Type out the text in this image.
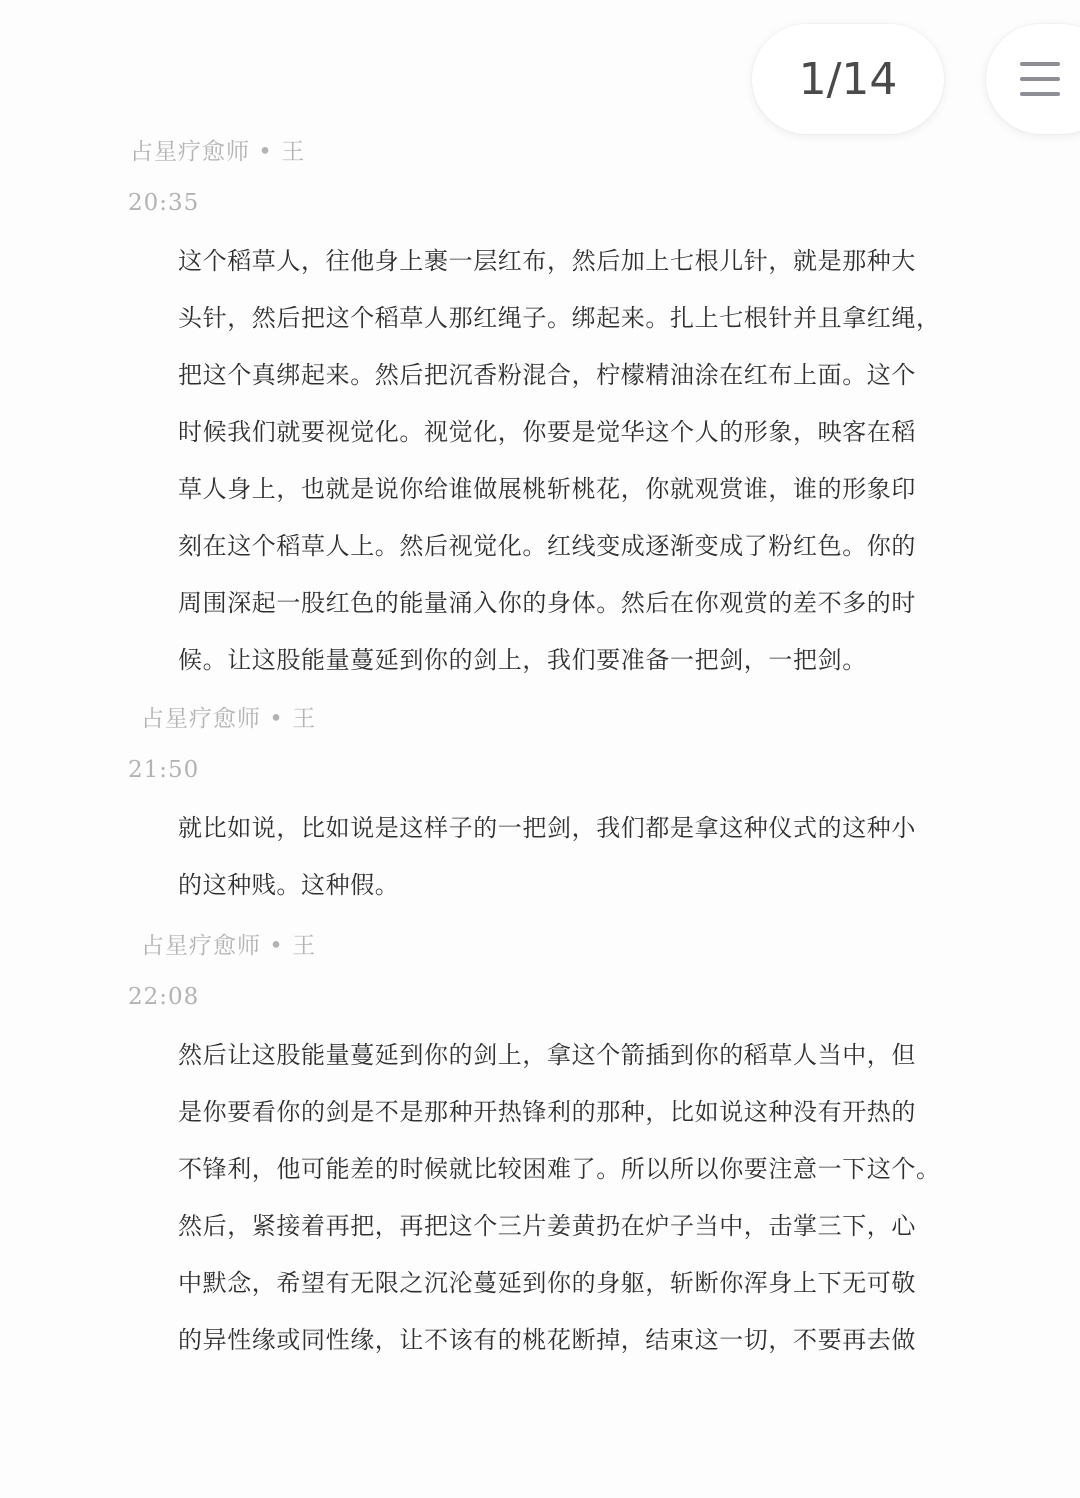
1/14
占星疗愈师 • 王
20:35
这个稻草人，往他身上裹一层红布，然后加上七根儿针，就是那种大
头针，然后把这个稻草人那红绳子。绑起来。扎上七根针并且拿红绳，
把这个真绑起来。然后把沉香粉混合，柠檬精油涂在红布上面。这个
时候我们就要视觉化。视觉化，你要是觉华这个人的形象，映客在稻
草人身上，也就是说你给谁做展桃斩桃花，你就观赏谁，谁的形象印
刻在这个稻草人上。然后视觉化。红线变成逐渐变成了粉红色。你的
周围深起一股红色的能量涌入你的身体。然后在你观赏的差不多的时
候。让这股能量蔓延到你的剑上，我们要准备一把剑，一把剑。
占星疗愈师 • 王
21:50
就比如说，比如说是这样子的一把剑，我们都是拿这种仪式的这种小
的这种贱。这种假。
占星疗愈师 • 王
22:08
然后让这股能量蔓延到你的剑上，拿这个箭插到你的稻草人当中，但
是你要看你的剑是不是那种开热锋利的那种，比如说这种没有开热的
不锋利，他可能差的时候就比较困难了。所以所以你要注意一下这个。
然后，紧接着再把，再把这个三片姜黄扔在炉子当中，击掌三下，心
中默念，希望有无限之沉沦蔓延到你的身躯，斩断你浑身上下无可敬
的异性缘或同性缘，让不该有的桃花断掉，结束这一切，不要再去做
